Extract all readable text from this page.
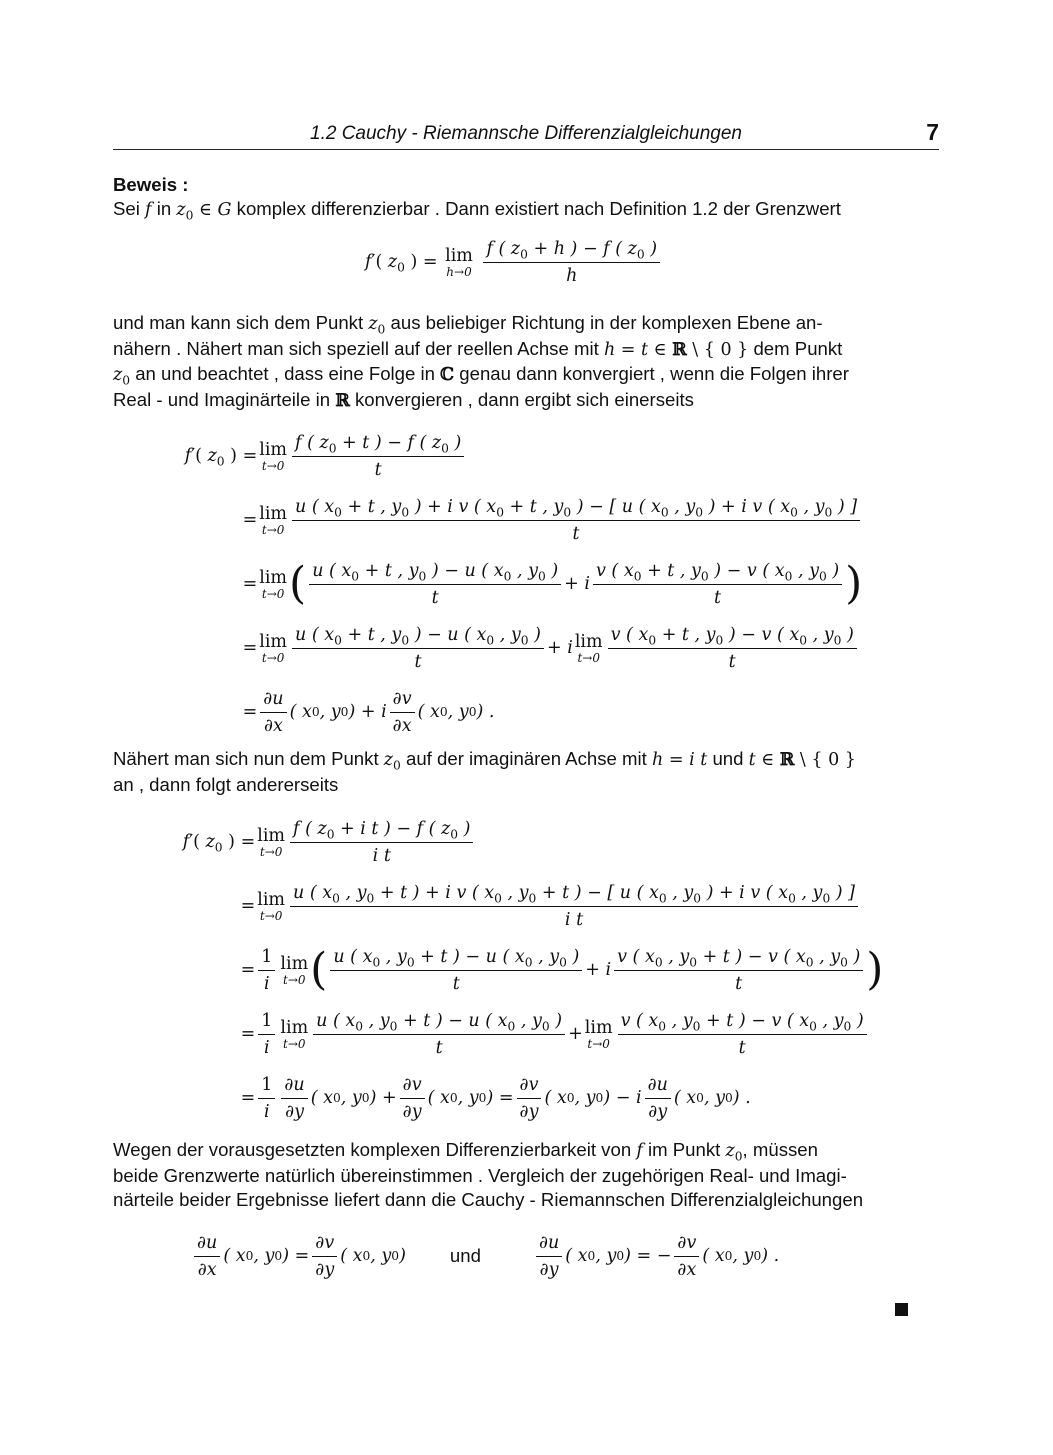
1.2 Cauchy - Riemannsche Differenzialgleichungen	7
Beweis :

Sei f in $z_0$ ∈ G komplex differenzierbar . Dann existiert nach Definition 1.2 der Grenzwert

f′( $z_0$ ) = lim
h→0
$\frac{f ( z_0 + h ) - f ( z_0 )}{h}$

und man kann sich dem Punkt $z_0$ aus beliebiger Richtung in der komplexen Ebene an-
nähern . Nähert man sich speziell auf der reellen Achse mit h = t ∈ ℝ \ { 0 } dem Punkt
$z_0$ an und beachtet , dass eine Folge in ℂ genau dann konvergiert , wenn die Folgen ihrer
Real - und Imaginärteile in ℝ konvergieren , dann ergibt sich einerseits

f′( $z_0$ ) = lim
$t\to 0 \frac{f ( z_0 + t ) - f ( z_0 )}{t}$
= lim
t→0
u ( $x_0 + t$ , $y_0$ ) + i v ( $x_0 + t$ , $y_0$ ) − [ u ( $x_0$ , $y_0$ ) + i v ( $x_0$ , $y_0$ ) ]
t
= lim
t→0 ( $\frac{u ( x_0 + t , y_0 ) - u ( x_0 , y_0 )}{t} + i \frac{v ( x_0 + t , y_0 ) - v ( x_0 , y_0 )}{t}$ )
= lim
$t\to 0 \frac{u ( x_0 + t , y_0 ) - u ( x_0 , y_0 )}{t} + i$ lim
$t\to 0 \frac{v ( x_0 + t , y_0 ) - v ( x_0 , y_0 )}{t}$
= $\frac{\partial u}{\partial x}$ ( x 0 , y 0 ) + i $\frac{\partial v}{\partial x}$ ( x 0 , y 0 ) .

Nähert man sich nun dem Punkt $z_0$ auf der imaginären Achse mit h = i t und t ∈ ℝ \ { 0 }
an , dann folgt andererseits

f′( $z_0$ ) = lim
$t\to 0 \frac{f ( z_0 + i t ) - f ( z_0 )}{\text{i t}}$
= lim
t→0
u ( $x_0$ , $y_0 + t$ ) + i v ( $x_0$ , $y_0 + t$ ) − [ u ( $x_0$ , $y_0$ ) + i v ( $x_0$ , $y_0$ ) ]
i t
= $\frac{1}{i}$ lim
t→0 ( $\frac{u ( x_0 , y_0 + t ) - u ( x_0 , y_0 )}{t} + i \frac{v ( x_0 , y_0 + t ) - v ( x_0 , y_0 )}{t}$ )
= $\frac{1}{i}$ lim
$t\to 0 \frac{u ( x_0 , y_0 + t ) - u ( x_0 , y_0 )}{t} + \lim$
$t\to 0 \frac{v ( x_0 , y_0 + t ) - v ( x_0 , y_0 )}{t}$
= $\frac{1}{i} \frac{\partial u}{\partial y}$ ( x 0 , y 0 ) + $\frac{\partial v}{\partial y}$ ( x 0 , y 0 ) = $\frac{\partial v}{\partial y}$ ( x 0 , y 0 ) − i $\frac{\partial u}{\partial y}$ ( x 0 , y 0 ) .

Wegen der vorausgesetzten komplexen Differenzierbarkeit von f im Punkt $z_0$, müssen
beide Grenzwerte natürlich übereinstimmen . Vergleich der zugehörigen Real- und Imagi-
närteile beider Ergebnisse liefert dann die Cauchy - Riemannschen Differenzialgleichungen

$\frac{\partial u}{\partial x}$ ( x 0 , y 0 ) = $\frac{\partial v}{\partial y}$ ( x 0 , y 0 ) und	$\frac{\partial u}{\partial y}$ ( x 0 , y 0 ) = − $\frac{\partial v}{\partial x}$ ( x 0 , y 0 ) .
